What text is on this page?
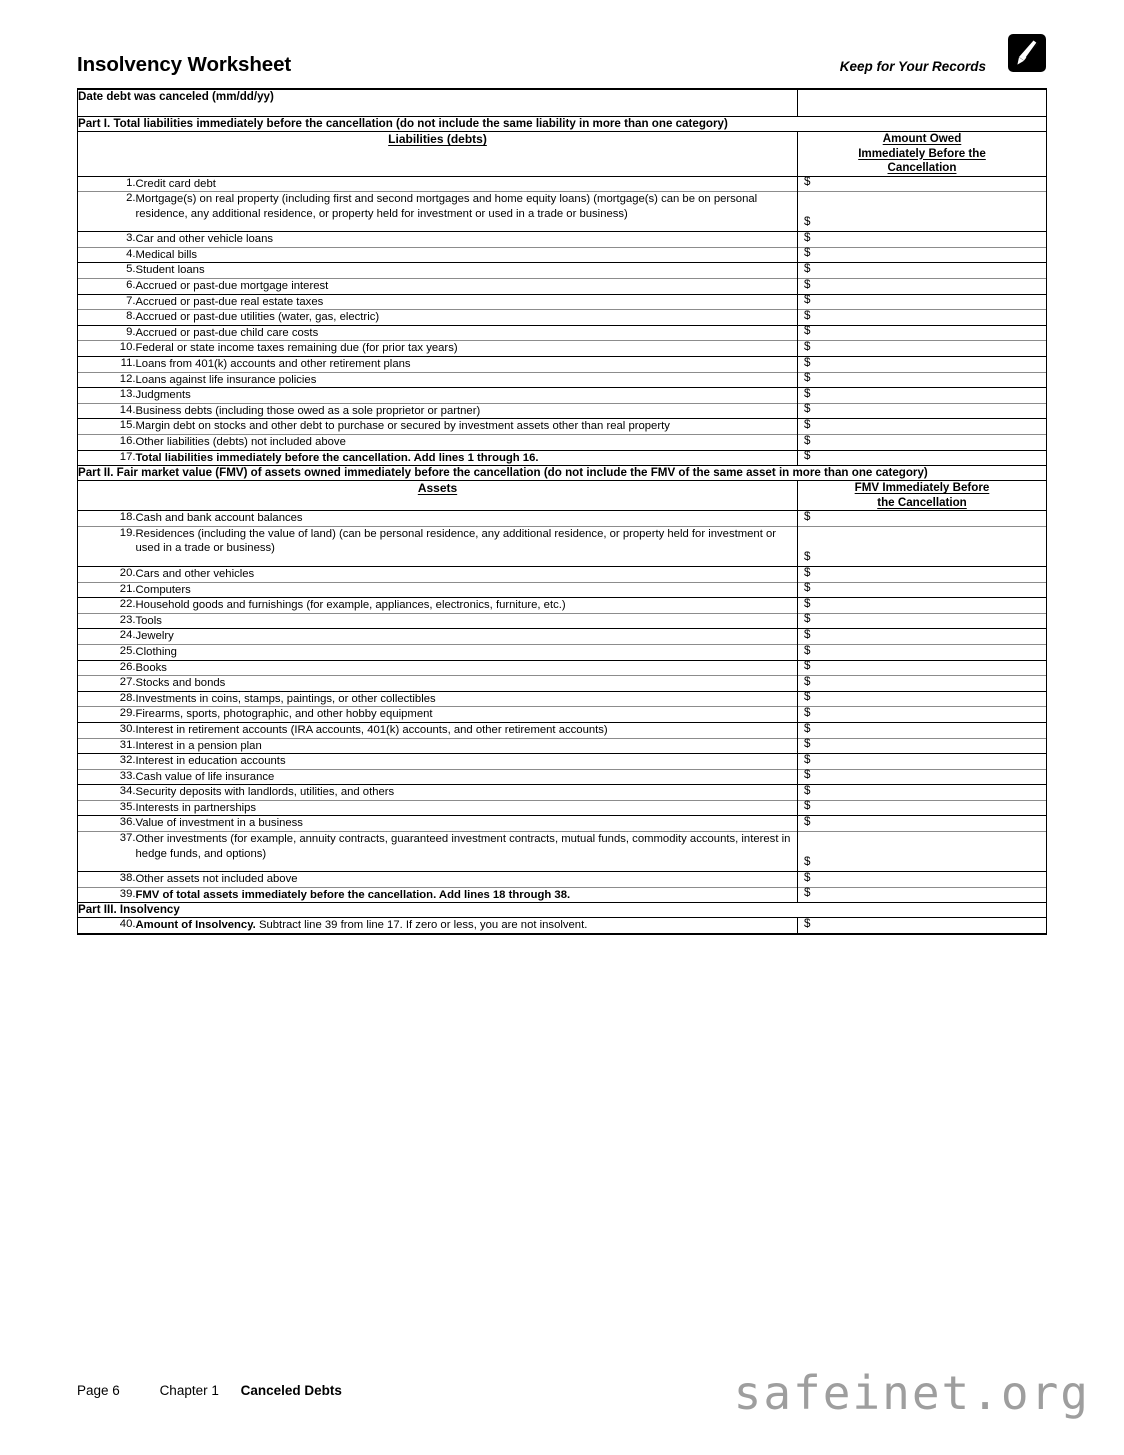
Insolvency Worksheet	Keep for Your Records
Date debt was canceled (mm/dd/yy)		
Part I. Total liabilities immediately before the cancellation (do not include the same liability in more than one category)		
Liabilities (debts)		Amount Owed
Immediately Before the
Cancellation

1.	Credit card debt	$

2.	Mortgage(s) on real property (including first and second mortgages and home equity loans) (mortgage(s) can be on personal residence, any additional residence, or property held for investment or used in a trade or business)	$

3.	Car and other vehicle loans	$

4.	Medical bills	$

5.	Student loans	$

6.	Accrued or past-due mortgage interest	$

7.	Accrued or past-due real estate taxes	$

8.	Accrued or past-due utilities (water, gas, electric)	$

9.	Accrued or past-due child care costs	$

10.	Federal or state income taxes remaining due (for prior tax years)	$

11.	Loans from 401(k) accounts and other retirement plans	$

12.	Loans against life insurance policies	$

13.	Judgments	$

14.	Business debts (including those owed as a sole proprietor or partner)	$

15.	Margin debt on stocks and other debt to purchase or secured by investment assets other than real property	$

16.	Other liabilities (debts) not included above	$

17.	Total liabilities immediately before the cancellation. Add lines 1 through 16.	$

Part II. Fair market value (FMV) of assets owned immediately before the cancellation (do not include the FMV of the same asset in more than one category)		
Assets		FMV Immediately Before
the Cancellation

18.	Cash and bank account balances	$

19.	Residences (including the value of land) (can be personal residence, any additional residence, or property held for investment or used in a trade or business)	$

20.	Cars and other vehicles	$

21.	Computers	$

22.	Household goods and furnishings (for example, appliances, electronics, furniture, etc.)	$

23.	Tools	$

24.	Jewelry	$

25.	Clothing	$

26.	Books	$

27.	Stocks and bonds	$

28.	Investments in coins, stamps, paintings, or other collectibles	$

29.	Firearms, sports, photographic, and other hobby equipment	$

30.	Interest in retirement accounts (IRA accounts, 401(k) accounts, and other retirement accounts)	$

31.	Interest in a pension plan	$

32.	Interest in education accounts	$

33.	Cash value of life insurance	$

34.	Security deposits with landlords, utilities, and others	$

35.	Interests in partnerships	$

36.	Value of investment in a business	$

37.	Other investments (for example, annuity contracts, guaranteed investment contracts, mutual funds, commodity accounts, interest in hedge funds, and options)	$

38.	Other assets not included above	$

39.	FMV of total assets immediately before the cancellation. Add lines 18 through 38.	$

Part III. Insolvency		
40.	Amount of Insolvency. Subtract line 39 from line 17. If zero or less, you are not insolvent.	$
Page 6	Chapter 1 Canceled Debts	safeinet.org
